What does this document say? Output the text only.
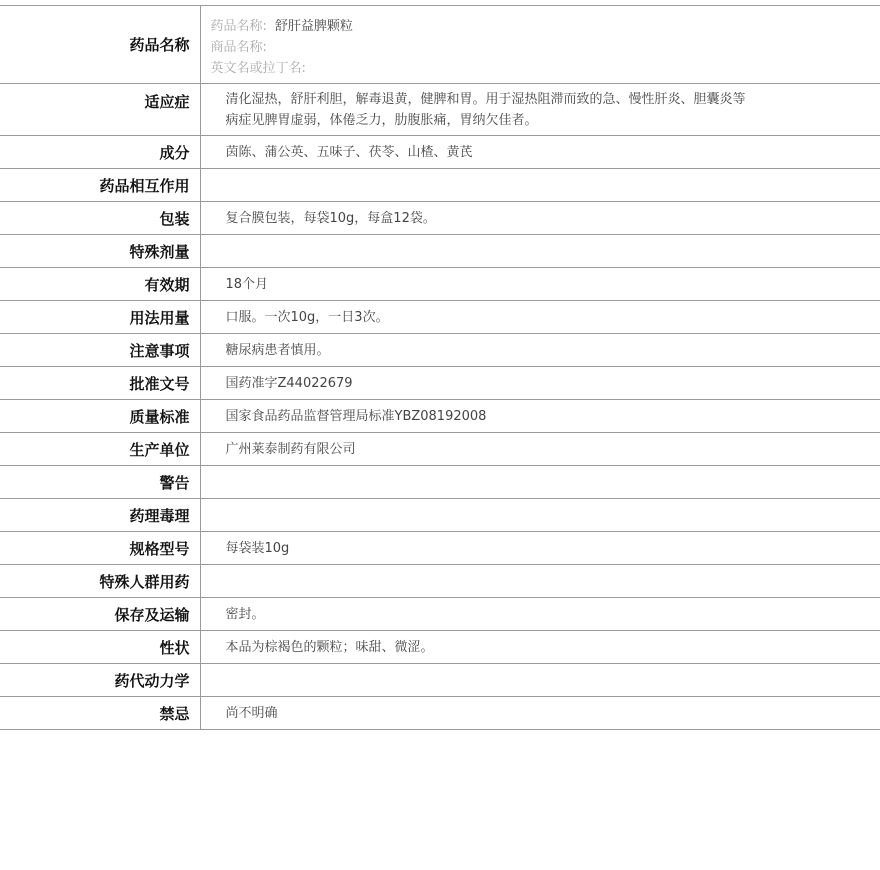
药品名称	药品名称: 舒肝益脾颗粒
商品名称:
英文名或拉丁名:

适应症	清化湿热，舒肝利胆，解毒退黄，健脾和胃。用于湿热阻滞而致的急、慢性肝炎、胆囊炎等
病症见脾胃虚弱，体倦乏力，肋腹胀痛，胃纳欠佳者。

成分	茵陈、蒲公英、五味子、茯苓、山楂、黄芪
药品相互作用	
包装	复合膜包装，每袋10g，每盒12袋。
特殊剂量	
有效期	18个月
用法用量	口服。一次10g，一日3次。
注意事项	糖尿病患者慎用。
批准文号	国药准字Z44022679
质量标准	国家食品药品监督管理局标准YBZ08192008
生产单位	广州莱泰制药有限公司
警告	
药理毒理	
规格型号	每袋装10g
特殊人群用药	
保存及运输	密封。
性状	本品为棕褐色的颗粒；味甜、微涩。
药代动力学	
禁忌	尚不明确
